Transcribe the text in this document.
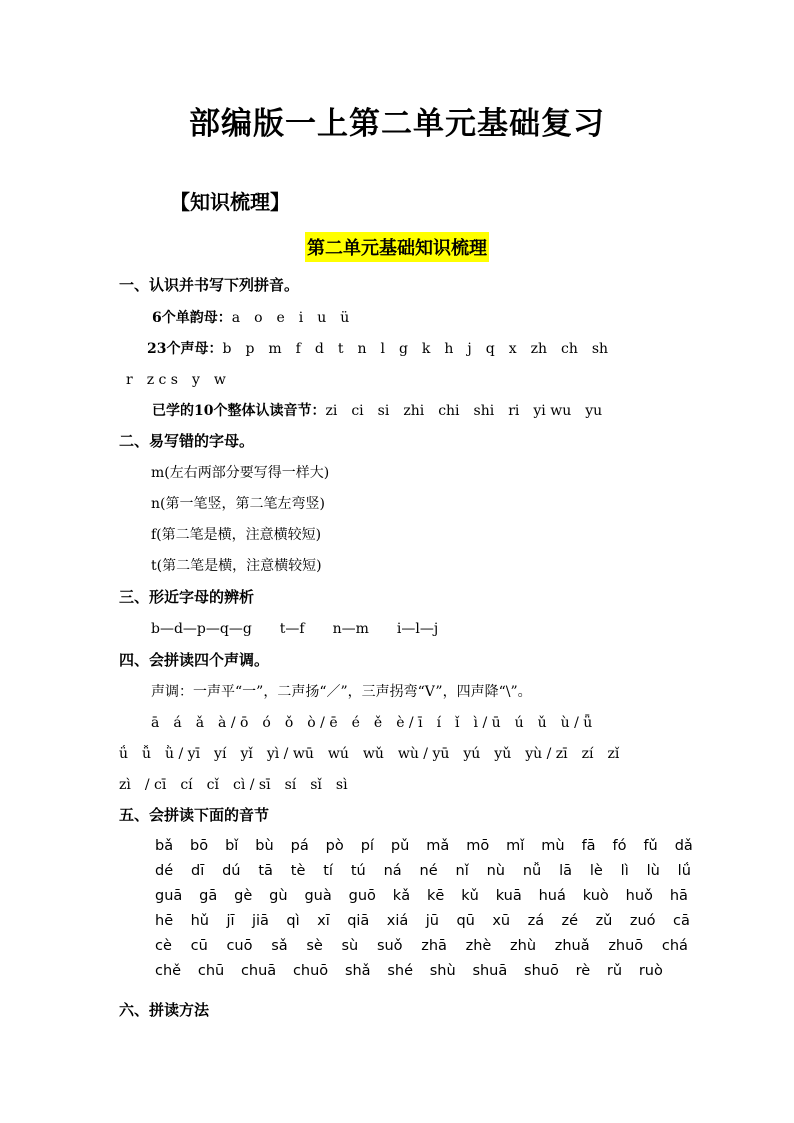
部编版一上第二单元基础复习
【知识梳理】
第二单元基础知识梳理
一、认识并书写下列拼音。
6个单韵母：a　o　e　i　u　ü
23个声母：b　p　m　f　d　t　n　l　g　k　h　j　q　x　zh　ch　sh
r　z c s　y　w
已学的10个整体认读音节：zi　ci　si　zhi　chi　shi　ri　yi wu　yu
二、易写错的字母。
m(左右两部分要写得一样大)
n(第一笔竖，第二笔左弯竖)
f(第二笔是横，注意横较短)
t(第二笔是横，注意横较短)
三、形近字母的辨析
b—d—p—q—g　　t—f　　n—m　　i—l—j
四、会拼读四个声调。
声调：一声平“一”，二声扬“／”，三声拐弯“V”，四声降“\”。
ā　á　ǎ　à / ō　ó　ǒ　ò / ē　é　ě　è / ī　í　ǐ　ì / ū　ú　ǔ　ù / ǖ
ǘ　ǚ　ǜ / yī　yí　yǐ　yì / wū　wú　wǔ　wù / yū　yú　yǔ　yù / zī　zí　zǐ
zì　/ cī　cí　cǐ　cì / sī　sí　sǐ　sì
五、会拼读下面的音节
bǎ bō bǐ bù pá pò pí pǔ mǎ mō mǐ mù fā fó fǔ dǎ
dé dī dú tā tè tí tú ná né nǐ nù nǚ lā lè lì lù lǘ
guā gā gè gù guà guō kǎ kē kǔ kuā huá kuò huǒ hā
hē hǔ jī jiā qì xī qiā xiá jū qū xū zá zé zǔ zuó cā
cè cū cuō sǎ sè sù suǒ zhā zhè zhù zhuǎ zhuō chá
chě chū chuā chuō shǎ shé shù shuā shuō rè rǔ ruò
六、拼读方法
